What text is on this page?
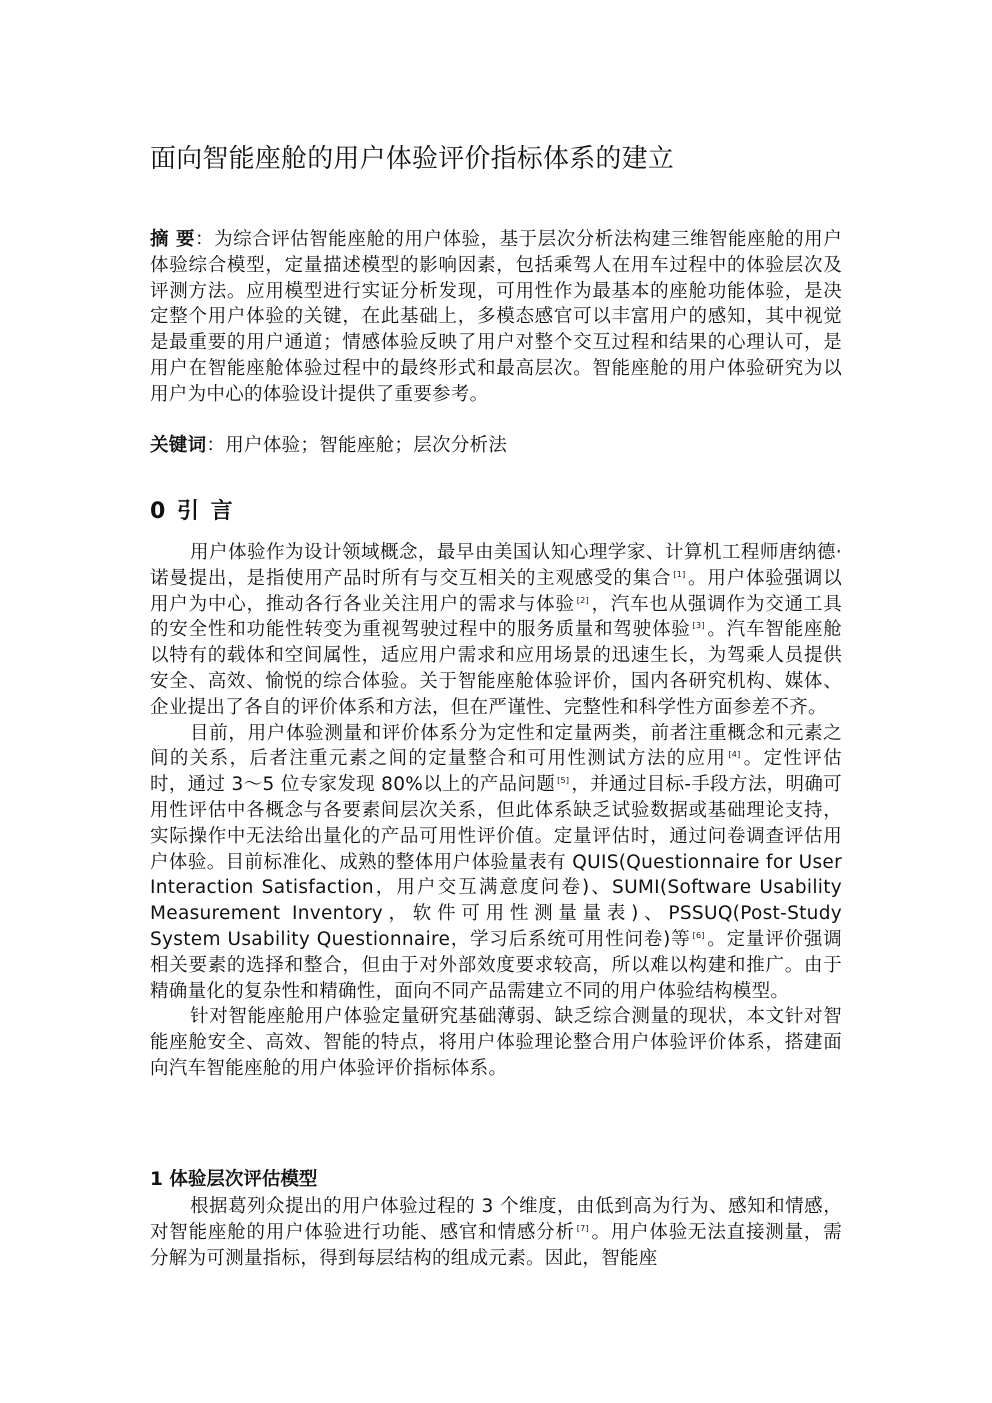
面向智能座舱的用户体验评价指标体系的建立

摘 要：为综合评估智能座舱的用户体验，基于层次分析法构建三维智能座舱的用户体验综合模型，定量描述模型的影响因素，包括乘驾人在用车过程中的体验层次及评测方法。应用模型进行实证分析发现，可用性作为最基本的座舱功能体验，是决定整个用户体验的关键，在此基础上，多模态感官可以丰富用户的感知，其中视觉是最重要的用户通道；情感体验反映了用户对整个交互过程和结果的心理认可，是用户在智能座舱体验过程中的最终形式和最高层次。智能座舱的用户体验研究为以用户为中心的体验设计提供了重要参考。

关键词：用户体验；智能座舱；层次分析法

0 引 言

用户体验作为设计领域概念，最早由美国认知心理学家、计算机工程师唐纳德·诺曼提出，是指使用产品时所有与交互相关的主观感受的集合 [1] 。用户体验强调以用户为中心，推动各行各业关注用户的需求与体验 [2] ，汽车也从强调作为交通工具的安全性和功能性转变为重视驾驶过程中的服务质量和驾驶体验 [3] 。汽车智能座舱以特有的载体和空间属性，适应用户需求和应用场景的迅速生长，为驾乘人员提供安全、高效、愉悦的综合体验。关于智能座舱体验评价，国内各研究机构、媒体、企业提出了各自的评价体系和方法，但在严谨性、完整性和科学性方面参差不齐。

目前，用户体验测量和评价体系分为定性和定量两类，前者注重概念和元素之间的关系，后者注重元素之间的定量整合和可用性测试方法的应用 [4] 。定性评估时，通过 3～5 位专家发现 80%以上的产品问题 [5] ，并通过目标-手段方法，明确可用性评估中各概念与各要素间层次关系，但此体系缺乏试验数据或基础理论支持，实际操作中无法给出量化的产品可用性评价值。定量评估时，通过问卷调查评估用户体验。目前标准化、成熟的整体用户体验量表有 QUIS(Questionnaire for User Interaction Satisfaction，用户交互满意度问卷)、SUMI(Software Usability Measurement Inventory，软件可用性测量量表)、PSSUQ(Post-Study System Usability Questionnaire，学习后系统可用性问卷)等 [6] 。定量评价强调相关要素的选择和整合，但由于对外部效度要求较高，所以难以构建和推广。由于精确量化的复杂性和精确性，面向不同产品需建立不同的用户体验结构模型。

针对智能座舱用户体验定量研究基础薄弱、缺乏综合测量的现状，本文针对智能座舱安全、高效、智能的特点，将用户体验理论整合用户体验评价体系，搭建面向汽车智能座舱的用户体验评价指标体系。

1 体验层次评估模型

根据葛列众提出的用户体验过程的 3 个维度，由低到高为行为、感知和情感，对智能座舱的用户体验进行功能、感官和情感分析 [7] 。用户体验无法直接测量，需分解为可测量指标，得到每层结构的组成元素。因此，智能座
